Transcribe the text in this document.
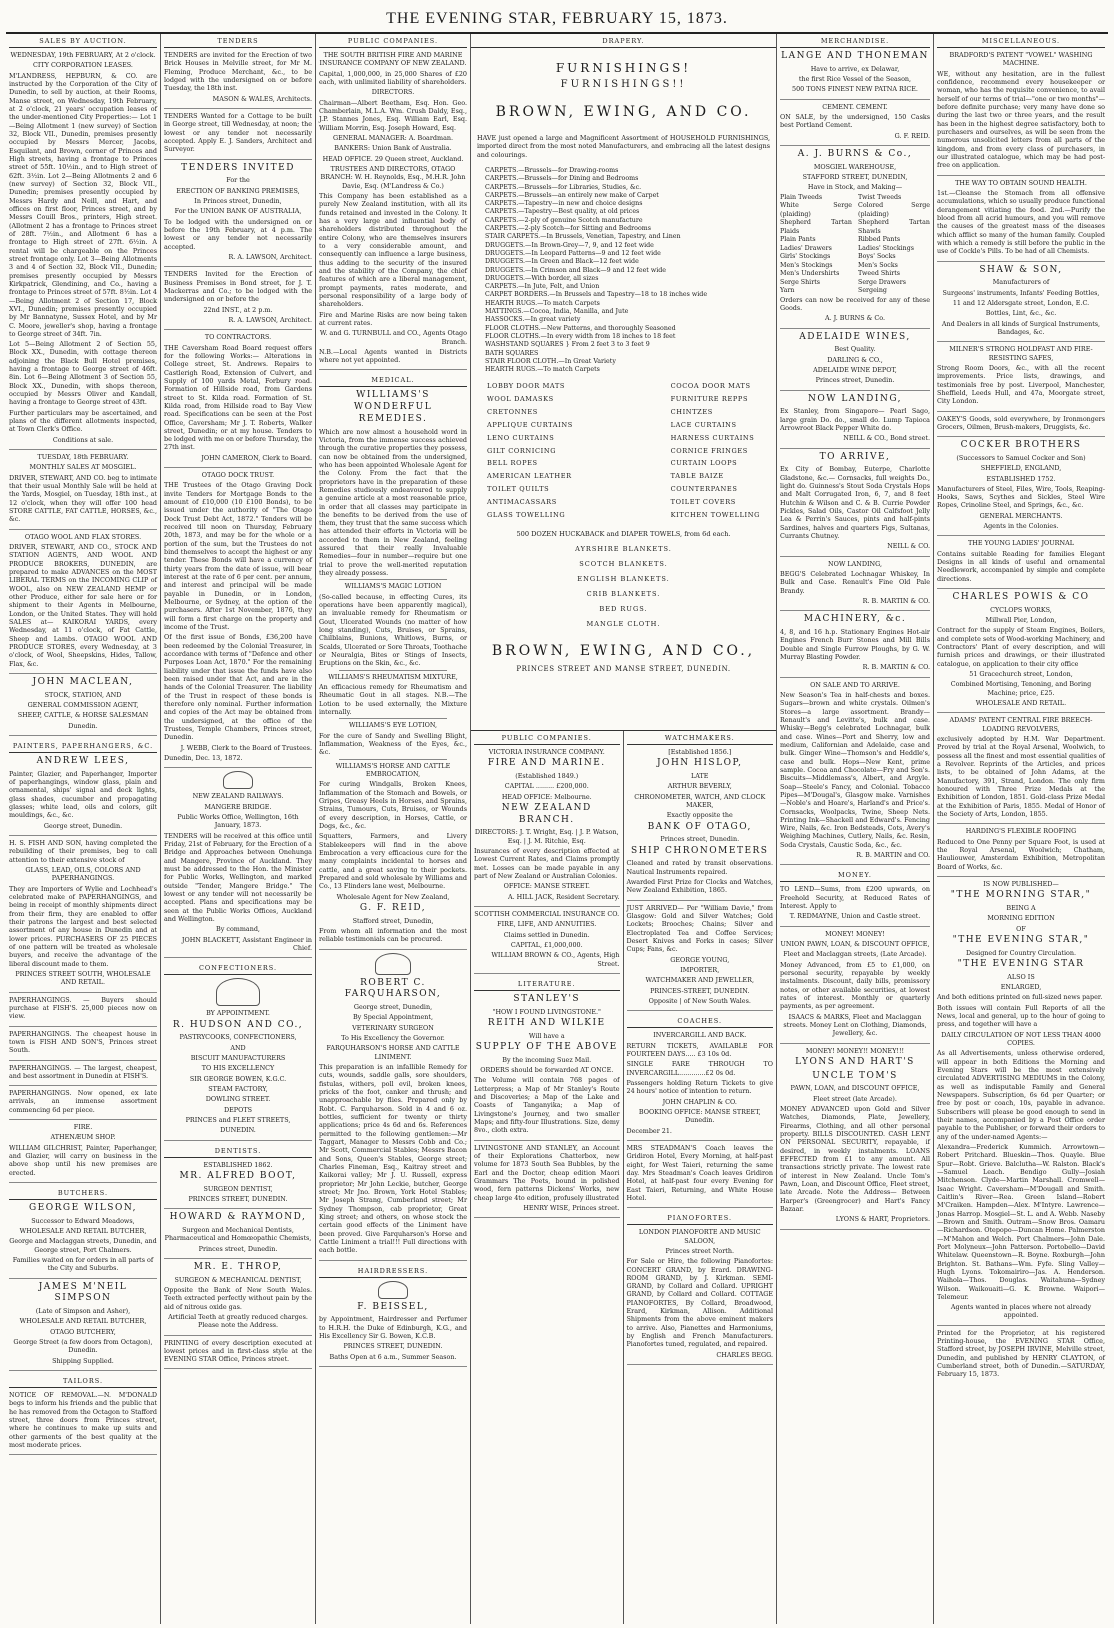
THE EVENING STAR, FEBRUARY 15, 1873.
SALES BY AUCTION.

WEDNESDAY, 19th FEBRUARY, At 2 o'clock.

CITY CORPORATION LEASES.

M'LANDRESS, HEPBURN, & CO. are instructed by the Corporation of the City of Dunedin, to sell by auction, at their Rooms, Manse street, on Wednesday, 19th February, at 2 o'clock, 21 years' occupation leases of the under-mentioned City Properties:— Lot 1—Being Allotment 1 (new survey) of Section 32, Block VII., Dunedin, premises presently occupied by Messrs Mercer, Jacobs, Esquilant, and Brown, corner of Princes and High streets, having a frontage to Princes street of 55ft. 10½in., and to High street of 62ft. 3½in. Lot 2—Being Allotments 2 and 6 (new survey) of Section 32, Block VII., Dunedin; premises presently occupied by Messrs Hardy and Neill, and Hart, and offices on first floor, Princes street, and by Messrs Couill Bros., printers, High street. (Allotment 2 has a frontage to Princes street of 28ft. 7½in., and Allotment 6 has a frontage to High street of 27ft. 6½in. A rental will be chargeable on the Princes street frontage only. Lot 3—Being Allotments 3 and 4 of Section 32, Block VII., Dunedin; premises presently occupied by Messrs Kirkpatrick, Glendining, and Co., having a frontage to Princes street of 57ft. 8½in. Lot 4—Being Allotment 2 of Section 17, Block XVI., Dunedin; premises presently occupied by Mr Bannatyne, Sussex Hotel, and by Mr C. Moore, jeweller's shop, having a frontage to George street of 34ft. 7in.

Lot 5—Being Allotment 2 of Section 55, Block XX., Dunedin, with cottage thereon adjoining the Black Bull Hotel premises, having a frontage to George street of 46ft. 8in. Lot 6—Being Allotment 3 of Section 55, Block XX., Dunedin, with shops thereon, occupied by Messrs Oliver and Kandall, having a frontage to George street of 43ft.

Further particulars may be ascertained, and plans of the different allotments inspected, at Town Clerk's Office.

Conditions at sale.

TUESDAY, 18th FEBRUARY.

MONTHLY SALES AT MOSGIEL.

DRIVER, STEWART, AND CO. beg to intimate that their usual Monthly Sale will be held at the Yards, Mosgiel, on Tuesday, 18th inst., at 12 o'clock, when they will offer 100 head STORE CATTLE, FAT CATTLE, HORSES, &c., &c.

OTAGO WOOL AND FLAX STORES.

DRIVER, STEWART, AND CO., STOCK AND STATION AGENTS, AND WOOL AND PRODUCE BROKERS, DUNEDIN, are prepared to make ADVANCES on the MOST LIBERAL TERMS on the INCOMING CLIP of WOOL, also on NEW ZEALAND HEMP or other Produce, either for sale here or for shipment to their Agents in Melbourne, London, or the United States. They will hold SALES at— KAIKORAI YARDS, every Wednesday, at 11 o'clock, of Fat Cattle, Sheep and Lambs. OTAGO WOOL AND PRODUCE STORES, every Wednesday, at 3 o'clock, of Wool, Sheepskins, Hides, Tallow, Flax, &c.

JOHN MACLEAN,

STOCK, STATION, AND

GENERAL COMMISSION AGENT,

SHEEP, CATTLE, & HORSE SALESMAN

Dunedin.

PAINTERS, PAPERHANGERS, &C.

ANDREW LEES,

Painter, Glazier, and Paperhanger, Importer of paperhangings, window glass, plain and ornamental, ships' signal and deck lights, glass shades, cucumber and propagating glasses; white lead, oils and colors, gilt mouldings, &c., &c.

George street, Dunedin.

H. S. FISH AND SON, having completed the rebuilding of their premises, beg to call attention to their extensive stock of

GLASS, LEAD, OILS, COLORS AND PAPERHANGINGS.

They are Importers of Wylie and Lochhead's celebrated make of PAPERHANGINGS, and being in receipt of monthly shipments direct from their firm, they are enabled to offer their patrons the largest and best selected assortment of any house in Dunedin and at lower prices. PURCHASERS OF 25 PIECES of one pattern will be treated as wholesale buyers, and receive the advantage of the liberal discount made to them.

PRINCES STREET SOUTH, WHOLESALE AND RETAIL.

PAPERHANGINGS. — Buyers should purchase at FISH'S. 25,000 pieces now on view.

PAPERHANGINGS. The cheapest house in town is FISH AND SON'S, Princes street South.

PAPERHANGINGS. — The largest, cheapest, and best assortment in Dunedin at FISH'S.

PAPERHANGINGS. Now opened, ex late arrivals, an immense assortment commencing 6d per piece.

FIRE.

ATHENÆUM SHOP.

WILLIAM GILCHRIST, Painter, Paperhanger, and Glazier, will carry on business in the above shop until his new premises are erected.

BUTCHERS.

GEORGE WILSON,

Successor to Edward Meadows,

WHOLESALE AND RETAIL BUTCHER,

George and Maclaggan streets, Dunedin, and George street, Port Chalmers.

Families waited on for orders in all parts of the City and Suburbs.

JAMES M'NEIL SIMPSON

(Late of Simpson and Asher),

WHOLESALE AND RETAIL BUTCHER,

OTAGO BUTCHERY,

George Street (a few doors from Octagon), Dunedin.

Shipping Supplied.

TAILORS.

NOTICE OF REMOVAL.—N. M'DONALD begs to inform his friends and the public that he has removed from the Octagon to Stafford street, three doors from Princes street, where he continues to make up suits and other garments of the best quality at the most moderate prices.

TENDERS

TENDERS are invited for the Erection of two Brick Houses in Melville street, for Mr M. Fleming, Produce Merchant, &c., to be lodged with the undersigned on or before Tuesday, the 18th inst.

MASON & WALES, Architects.

TENDERS Wanted for a Cottage to be built in George street, till Wednesday, at noon; the lowest or any tender not necessarily accepted. Apply E. J. Sanders, Architect and Surveyor.

TENDERS INVITED

For the

ERECTION OF BANKING PREMISES,

In Princes street, Dunedin,

For the UNION BANK OF AUSTRALIA,

To be lodged with the undersigned on or before the 19th February, at 4 p.m. The lowest or any tender not necessarily accepted.

R. A. LAWSON, Architect.

TENDERS Invited for the Erection of Business Premises in Bond street, for J. T. Mackerras and Co.; to be lodged with the undersigned on or before the

22nd INST., at 2 p.m.

R. A. LAWSON, Architect.

TO CONTRACTORS.

THE Caversham Road Board request offers for the following Works:— Alterations in College street, St. Andrews. Repairs to Castlerigh Road, Extension of Culvert, and Supply of 100 yards Metal, Forbury road. Formation of Hillside road, from Gardens street to St. Kilda road. Formation of St. Kilda road, from Hillside road to Bay View road. Specifications can be seen at the Post Office, Caversham; Mr J. T. Roberts, Walker street, Dunedin; or at my house. Tenders to be lodged with me on or before Thursday, the 27th inst.

JOHN CAMERON, Clerk to Board.

OTAGO DOCK TRUST.

THE Trustees of the Otago Graving Dock invite Tenders for Mortgage Bonds to the amount of £10,000 (10 £100 Bonds), to be issued under the authority of "The Otago Dock Trust Debt Act, 1872." Tenders will be received till noon on Thursday, February 20th, 1873, and may be for the whole or a portion of the sum, but the Trustees do not bind themselves to accept the highest or any tender. These Bonds will have a currency of thirty years from the date of issue, will bear interest at the rate of 6 per cent. per annum, and interest and principal will be made payable in Dunedin, or in London, Melbourne, or Sydney, at the option of the purchasers. After 1st November, 1876, they will form a first charge on the property and income of the Trust.

Of the first issue of Bonds, £36,200 have been redeemed by the Colonial Treasurer, in accordance with terms of "Defence and other Purposes Loan Act, 1870." For the remaining liability under that issue the funds have also been raised under that Act, and are in the hands of the Colonial Treasurer. The liability of the Trust in respect of these bonds is therefore only nominal. Further information and copies of the Act may be obtained from the undersigned, at the office of the Trustees, Temple Chambers, Princes street, Dunedin.

J. WEBB, Clerk to the Board of Trustees.

Dunedin, Dec. 13, 1872.

NEW ZEALAND RAILWAYS.

MANGERE BRIDGE.

Public Works Office, Wellington, 16th January, 1873.

TENDERS will be received at this office until Friday, 21st of February, for the Erection of a Bridge and Approaches between Onehunga and Mangere, Province of Auckland. They must be addressed to the Hon. the Minister for Public Works, Wellington, and marked outside "Tender, Mangere Bridge." The lowest or any tender will not necessarily be accepted. Plans and specifications may be seen at the Public Works Offices, Auckland and Wellington.

By command,

JOHN BLACKETT, Assistant Engineer in Chief.

CONFECTIONERS.

BY APPOINTMENT.

R. HUDSON AND CO.,

PASTRYCOOKS, CONFECTIONERS,

AND

BISCUIT MANUFACTURERS

TO HIS EXCELLENCY

SIR GEORGE BOWEN, K.G.C.

STEAM FACTORY,

DOWLING STREET.

DEPOTS

PRINCES and FLEET STREETS,

DUNEDIN.

DENTISTS.

ESTABLISHED 1862.

MR. ALFRED BOOT,

SURGEON DENTIST,

PRINCES STREET, DUNEDIN.

HOWARD & RAYMOND,

Surgeon and Mechanical Dentists, Pharmaceutical and Homœopathic Chemists,

Princes street, Dunedin.

MR. E. THROP,

SURGEON & MECHANICAL DENTIST,

Opposite the Bank of New South Wales. Teeth extracted perfectly without pain by the aid of nitrous oxide gas.

Artificial Teeth at greatly reduced charges. Please note the Address.

PRINTING of every description executed at lowest prices and in first-class style at the EVENING STAR Office, Princes street.

PUBLIC COMPANIES.

THE SOUTH BRITISH FIRE AND MARINE INSURANCE COMPANY OF NEW ZEALAND.

Capital, 1,000,000, in 25,000 Shares of £20 each, with unlimited liability of shareholders.

DIRECTORS.

Chairman—Albert Beetham, Esq. Hon. Geo. Chamberlain, M.L.A. Wm. Crush Daldy, Esq., J.P. Stannes Jones, Esq. William Earl, Esq. William Morrin, Esq. Joseph Howard, Esq.

GENERAL MANAGER: A. Boardman.

BANKERS: Union Bank of Australia.

HEAD OFFICE. 29 Queen street, Auckland.

TRUSTEES AND DIRECTORS, OTAGO BRANCH: W. H. Reynolds, Esq., M.H.R. John Davie, Esq. (M'Landress & Co.)

This Company has been established as a purely New Zealand institution, with all its funds retained and invested in the Colony. It has a very large and influential body of shareholders distributed throughout the entire Colony, who are themselves insurers to a very considerable amount, and consequently can influence a large business, thus adding to the security of the insured and the stability of the Company, the chief features of which are a liberal management, prompt payments, rates moderate, and personal responsibility of a large body of shareholders.

Fire and Marine Risks are now being taken at current rates.

W. and G. TURNBULL and CO., Agents Otago Branch.

N.B.—Local Agents wanted in Districts where not yet appointed.

MEDICAL.

WILLIAMS'S WONDERFUL REMEDIES.

Which are now almost a household word in Victoria, from the immense success achieved through the curative properties they possess, can now be obtained from the undersigned, who has been appointed Wholesale Agent for the Colony. From the fact that the proprietors have in the preparation of these Remedies studiously endeavoured to supply a genuine article at a most reasonable price, in order that all classes may participate in the benefits to be derived from the use of them, they trust that the same success which has attended their efforts in Victoria will be accorded to them in New Zealand, feeling assured that their really Invaluable Remedies—four in number—require but one trial to prove the well-merited reputation they already possess.

WILLIAMS'S MAGIC LOTION

(So-called because, in effecting Cures, its operations have been apparently magical), an invaluable remedy for Rheumatism or Gout, Ulcerated Wounds (no matter of how long standing), Cuts, Bruises, or Sprains, Chilblains, Bunions, Whitlows, Burns, or Scalds, Ulcerated or Sore Throats, Toothache or Neuralgia, Bites or Stings of Insects, Eruptions on the Skin, &c., &c.

WILLIAMS'S RHEUMATISM MIXTURE,

An efficacious remedy for Rheumatism and Rheumatic Gout in all stages. N.B.—The Lotion to be used externally, the Mixture internally.

WILLIAMS'S EYE LOTION,

For the cure of Sandy and Swelling Blight, Inflammation, Weakness of the Eyes, &c., &c.

WILLIAMS'S HORSE AND CATTLE EMBROCATION,

For curing Windgalls, Broken Knees, Inflammation of the Stomach and Bowels, or Gripes, Greasy Heels in Horses, and Sprains, Strains, Tumours, Cuts, Bruises, or Wounds of every description, in Horses, Cattle, or Dogs, &c., &c.

Squatters, Farmers, and Livery Stablekeepers will find in the above Embrocation a very efficacious cure for the many complaints incidental to horses and cattle, and a great saving to their pockets. Prepared and sold wholesale by Williams and Co., 13 Flinders lane west, Melbourne.

Wholesale Agent for New Zealand,

G. F. REID,

Stafford street, Dunedin,

From whom all information and the most reliable testimonials can be procured.

ROBERT C. FARQUHARSON,

George street, Dunedin,

By Special Appointment,

VETERINARY SURGEON

To His Excellency the Governor.

FARQUHARSON'S HORSE AND CATTLE LINIMENT.

This preparation is an infallible Remedy for cuts, wounds, saddle galls, sore shoulders, fistulas, withers, poll evil, broken knees, pricks of the foot, canker and thrush; and unapproachable by flies. Prepared only by Robt. C. Farquharson. Sold in 4 and 6 oz. bottles, sufficient for twenty or thirty applications; price 4s 6d and 6s. References permitted to the following gentlemen:—Mr Taggart, Manager to Messrs Cobb and Co.; Mr Scott, Commercial Stables; Messrs Bacon and Sons, Queen's Stables, George street; Charles Fineman, Esq., Kaitray street and Kaikorai valley; Mr J. U. Russell, express proprietor; Mr John Leckie, butcher, George street; Mr Jno. Brown, York Hotel Stables; Mr Joseph Strang, Cumberland street; Mr Sydney Thompson, cab proprietor, Great King street; and others, on whose stock the certain good effects of the Liniment have been proved. Give Farquharson's Horse and Cattle Liniment a trial!!! Full directions with each bottle.

HAIRDRESSERS.

F. BEISSEL,

by Appointment, Hairdresser and Perfumer to H.R.H. the Duke of Edinburgh, K.G., and His Excellency Sir G. Bowen, K.C.B.

PRINCES STREET, DUNEDIN.

Baths Open at 6 a.m., Summer Season.

DRAPERY.

FURNISHINGS!

FURNISHINGS!!

BROWN, EWING, AND CO.

HAVE just opened a large and Magnificent Assortment of HOUSEHOLD FURNISHINGS, imported direct from the most noted Manufacturers, and embracing all the latest designs and colourings.

CARPETS.—Brussels—for Drawing-rooms
CARPETS.—Brussels—for Dining and Bedrooms
CARPETS.—Brussels—for Libraries, Studies, &c.
CARPETS.—Brussels—an entirely new make of Carpet
CARPETS.—Tapestry—in new and choice designs
CARPETS.—Tapestry—Best quality, at old prices
CARPETS.—2-ply of genuine Scotch manufacture
CARPETS.—2-ply Scotch—for Sitting and Bedrooms
STAIR CARPETS.—In Brussels, Venetian, Tapestry, and Linen
DRUGGETS.—In Brown-Grey—7, 9, and 12 feet wide
DRUGGETS.—In Leopard Patterns—9 and 12 feet wide
DRUGGETS.—In Green and Black—12 feet wide
DRUGGETS.—In Crimson and Black—9 and 12 feet wide
DRUGGETS.—With border, all sizes
CARPETS.—In Jute, Felt, and Union
CARPET BORDERS.—In Brussels and Tapestry—18 to 18 inches wide
HEARTH RUGS.—To match Carpets
MATTINGS.—Cocoa, India, Manilla, and Jute
HASSOCKS.—In great variety
FLOOR CLOTHS.—New Patterns, and thoroughly Seasoned
FLOOR CLOTHS.—In every width from 18 inches to 18 feet
WASHSTAND SQUARES } From 2 feet 3 to 3 feet 9
BATH SQUARES
STAIR FLOOR CLOTH.—In Great Variety
HEARTH RUGS.—To match Carpets
LOBBY DOOR MATS
WOOL DAMASKS
CRETONNES
APPLIQUE CURTAINS
LENO CURTAINS
GILT CORNICING
BELL ROPES
AMERICAN LEATHER
TOILET QUILTS
ANTIMACASSARS
GLASS TOWELLING
COCOA DOOR MATS
FURNITURE REPPS
CHINTZES
LACE CURTAINS
HARNESS CURTAINS
CORNICE FRINGES
CURTAIN LOOPS
TABLE BAIZE
COUNTERPANES
TOILET COVERS
KITCHEN TOWELLING

500 DOZEN HUCKABACK and DIAPER TOWELS, from 6d each.

AYRSHIRE BLANKETS.
SCOTCH BLANKETS.
ENGLISH BLANKETS.
CRIB BLANKETS.
BED RUGS.
MANGLE CLOTH.

BROWN, EWING, AND CO.,

PRINCES STREET AND MANSE STREET, DUNEDIN.

PUBLIC COMPANIES.

VICTORIA INSURANCE COMPANY.

FIRE AND MARINE.

(Established 1849.)

CAPITAL ......... £200,000.

HEAD OFFICE: Melbourne.

NEW ZEALAND BRANCH.

DIRECTORS: J. T. Wright, Esq. | J. P. Watson, Esq. | J. M. Ritchie, Esq.

Insurances of every description effected at Lowest Current Rates, and Claims promptly met. Losses can be made payable in any part of New Zealand or Australian Colonies.

OFFICE: MANSE STREET.

A. HILL JACK, Resident Secretary.

SCOTTISH COMMERCIAL INSURANCE CO.

FIRE, LIFE, AND ANNUITIES.

Claims settled in Dunedin.

CAPITAL, £1,000,000.

WILLIAM BROWN & CO., Agents, High Street.

LITERATURE.

STANLEY'S

"HOW I FOUND LIVINGSTONE."

REITH AND WILKIE

Will have a

SUPPLY OF THE ABOVE

By the incoming Suez Mail.

ORDERS should be forwarded AT ONCE.

The Volume will contain 768 pages of Letterpress; a Map of Mr Stanley's Route and Discoveries; a Map of the Lake and Coasts of Tanganyika; a Map of Livingstone's Journey, and two smaller Maps; and fifty-four Illustrations. Size, demy 8vo., cloth extra.

LIVINGSTONE AND STANLEY, an Account of their Explorations Chatterbox, new volume for 1873 South Sea Bubbles, by the Earl and the Doctor, cheap edition Maori Grammars The Poets, bound in polished wood, fern patterns Dickens' Works, new cheap large 4to edition, profusely illustrated

HENRY WISE, Princes street.

WATCHMAKERS.

[Established 1856.]

JOHN HISLOP,

LATE

ARTHUR BEVERLY,

CHRONOMETER, WATCH, AND CLOCK MAKER,

Exactly opposite the

BANK OF OTAGO,

Princes street, Dunedin.

SHIP CHRONOMETERS

Cleaned and rated by transit observations. Nautical Instruments repaired.

Awarded First Prize for Clocks and Watches, New Zealand Exhibition, 1865.

JUST ARRIVED— Per "William Davie," from Glasgow: Gold and Silver Watches; Gold Lockets; Brooches; Chains; Silver and Electroplated Tea and Coffee Services; Desert Knives and Forks in cases; Silver Cups; Fans, &c.

GEORGE YOUNG,

IMPORTER,

WATCHMAKER AND JEWELLER,

PRINCES-STREET, DUNEDIN.

Opposite | of New South Wales.

COACHES.

INVERCARGILL AND BACK.

RETURN TICKETS, AVAILABLE FOR FOURTEEN DAYS..... £3 10s 0d.

SINGLE FARE THROUGH TO INVERCARGILL.............£2 0s 0d.

Passengers holding Return Tickets to give 24 hours' notice of intention to return.

JOHN CHAPLIN & CO.

BOOKING OFFICE: MANSE STREET, Dunedin.

December 21.

MRS STEADMAN'S Coach leaves the Gridiron Hotel, Every Morning, at half-past eight, for West Taieri, returning the same day. Mrs Steadman's Coach leaves Gridiron Hotel, at half-past four every Evening for East Taieri, Returning, and White House Hotel.

PIANOFORTES.

LONDON PIANOFORTE AND MUSIC SALOON,

Princes street North.

For Sale or Hire, the following Pianofortes: CONCERT GRAND, by Erard. DRAWING-ROOM GRAND, by J. Kirkman. SEMI-GRAND, by Collard and Collard. UPRIGHT GRAND, by Collard and Collard. COTTAGE PIANOFORTES, By Collard, Broadwood, Erard, Kirkman, Allison. Additional Shipments from the above eminent makers to arrive. Also, Pianettes and Harmoniums, by English and French Manufacturers. Pianofortes tuned, regulated, and repaired.

CHARLES BEGG.

MERCHANDISE.

LANGE AND THONEMAN

Have to arrive, ex Delawar,

the first Rice Vessel of the Season,

500 TONS FINEST NEW PATNA RICE.

CEMENT. CEMENT.

ON SALE, by the undersigned, 150 Casks best Portland Cement.

G. F. REID.

A. J. BURNS & Co.,

MOSGIEL WAREHOUSE,

STAFFORD STREET, DUNEDIN,

Have in Stock, and Making—

Plain Tweeds
White Serge (plaiding)
Shepherd Tartan Plaids
Plain Pants
Ladies' Drawers
Girls' Stockings
Men's Stockings
Men's Undershirts
Serge Shirts
Yarn
Twist Tweeds
Colored Serge (plaiding)
Shepherd Tartan Shawls
Ribbed Pants
Ladies' Stockings
Boys' Socks
Men's Socks
Tweed Shirts
Serge Drawers
Sergeing

Orders can now be received for any of these Goods.

A. J. BURNS & Co.

ADELAIDE WINES,

Best Quality.

DARLING & CO.,

ADELAIDE WINE DEPOT,

Princes street, Dunedin.

NOW LANDING,

Ex Stanley, from Singapore— Pearl Sago, large grain Do. do., small do. Lump Tapioca Arrowroot Black Pepper White do.

NEILL & CO., Bond street.

TO ARRIVE,

Ex City of Bombay, Euterpe, Charlotte Gladstone, &c.— Cornsacks, full weights Do., light do. Guinness's Stout Soda Crystals Hops and Malt Corrugated Iron, 6, 7, and 8 feet Hutchin & Wilson and C. & B. Currie Powder Pickles, Salad Oils, Castor Oil Calfsfoot Jelly Lea & Perrin's Sauces, pints and half-pints Sardines, halves and quarters Figs, Sultanas, Currants Chutney.

NEILL & CO.

NOW LANDING,

BEGG'S Celebrated Lochnagar Whiskey, In Bulk and Case. Renault's Fine Old Pale Brandy.

R. B. MARTIN & CO.

MACHINERY, &c.

4, 8, and 16 h.p. Stationary Engines Hot-air Engines French Burr Stones and Mill Bills Double and Single Furrow Ploughs, by G. W. Murray Blasting Powder.

R. B. MARTIN & CO.

ON SALE AND TO ARRIVE.

New Season's Tea in half-chests and boxes. Sugars—brown and white crystals. Oilmen's Stores—a large assortment. Brandy—Renault's and Levitte's, bulk and case. Whisky—Begg's celebrated Lochnagar, bulk and case. Wines—Port and Sherry, low and medium, Californian and Adelaide, case and bulk. Ginger Wine—Thomson's and Heddle's, case and bulk. Hops—New Kent, prime sample. Cocoa and Chocolate—Fry and Son's. Biscuits—Middlemass's, Albert, and Argyle. Soap—Steele's Fancy, and Colonial. Tobacco Pipes—M'Dougal's, Glasgow make. Varnishes—Noble's and Hoare's, Harland's and Price's. Cornsacks, Woolpacks, Twine, Sheep Nets. Printing Ink—Shackell and Edward's. Fencing Wire, Nails, &c. Iron Bedsteads, Cots, Avery's Weighing Machines, Cutlery, Nails, &c. Resin, Soda Crystals, Caustic Soda, &c., &c.

R. B. MARTIN and CO.

MONEY.

TO LEND—Sums, from £200 upwards, on Freehold Security, at Reduced Rates of Interest. Apply to

T. REDMAYNE, Union and Castle street.

MONEY! MONEY!

UNION PAWN, LOAN, & DISCOUNT OFFICE,

Fleet and Maclaggan streets, (Late Arcade).

Money Advanced, from £5 to £1,000, on personal security, repayable by weekly instalments. Discount, daily bills, promissory notes, or other available securities, at lowest rates of interest. Monthly or quarterly payments, as per agreement.

ISAACS & MARKS, Fleet and Maclaggan streets. Money Lent on Clothing, Diamonds, Jewellery, &c.

MONEY! MONEY!! MONEY!!!

LYONS AND HART'S

UNCLE TOM'S

PAWN, LOAN, and DISCOUNT OFFICE,

Fleet street (late Arcade).

MONEY ADVANCED upon Gold and Silver Watches, Diamonds, Plate, Jewellery, Firearms, Clothing, and all other personal property. BILLS DISCOUNTED. CASH LENT ON PERSONAL SECURITY, repayable, if desired, in weekly instalments. LOANS EFFECTED from £1 to any amount. All transactions strictly private. The lowest rate of interest in New Zealand. Uncle Tom's Pawn, Loan, and Discount Office, Fleet street, late Arcade. Note the Address— Between Harper's (Greengrocer) and Hart's Fancy Bazaar.

LYONS & HART, Proprietors.

MISCELLANEOUS.

BRADFORD'S PATENT "VOWEL" WASHING MACHINE.

WE, without any hesitation, are in the fullest confidence, recommend every housekeeper or woman, who has the requisite convenience, to avail herself of our terms of trial—"one or two months"—before definite purchase; very many have done so during the last two or three years, and the result has been in the highest degree satisfactory, both to purchasers and ourselves, as will be seen from the numerous unsolicited letters from all parts of the kingdom, and from every class of purchasers, in our illustrated catalogue, which may be had post-free on application.

THE WAY TO OBTAIN SOUND HEALTH.

1st.—Cleanse the Stomach from all offensive accumulations, which so usually produce functional derangement vitiating the food. 2nd.—Purify the blood from all acrid humours, and you will remove the causes of the greatest mass of the diseases which afflict so many of the human family. Coupled with which a remedy is still before the public in the use of Cockle's Pills. To be had of all Chemists.

SHAW & SON,

Manufacturers of

Surgeons' instruments, Infants' Feeding Bottles,

11 and 12 Aldersgate street, London, E.C.

Bottles, Lint, &c., &c.

And Dealers in all kinds of Surgical Instruments, Bandages, &c.

MILNER'S STRONG HOLDFAST AND FIRE-RESISTING SAFES,

Strong Room Doors, &c., with all the recent improvements. Price lists, drawings, and testimonials free by post. Liverpool, Manchester, Sheffield, Leeds Hull, and 47a, Moorgate street, City London.

OAKEY'S Goods, sold everywhere, by Ironmongers Grocers, Oilmen, Brush-makers, Druggists, &c.

COCKER BROTHERS

(Successors to Samuel Cocker and Son)

SHEFFIELD, ENGLAND,

ESTABLISHED 1752.

Manufacturers of Steel, Files, Wire, Tools, Reaping-Hooks, Saws, Scythes and Sickles, Steel Wire Ropes, Crinoline Steel, and Springs, &c., &c.

GENERAL MERCHANTS.

Agents in the Colonies.

THE YOUNG LADIES' JOURNAL

Contains suitable Reading for families Elegant Designs in all kinds of useful and ornamental Needlework, accompanied by simple and complete directions.

CHARLES POWIS & CO

CYCLOPS WORKS,

Millwall Pier, London,

Contract for the supply of Steam Engines, Boilers, and complete sets of Wood-working Machinery, and Contractors' Plant of every description, and will furnish prices and drawings, or their illustrated catalogue, on application to their city office

51 Gracechurch street, London,

Combined Mortising, Tenoning, and Boring Machine; price, £25.

WHOLESALE AND RETAIL.

ADAMS' PATENT CENTRAL FIRE BREECH-LOADING REVOLVERS,

exclusively adopted by H.M. War Department. Proved by trial at the Royal Arsenal, Woolwich, to possess all the finest and most essential qualities of a Revolver. Reprints of the Articles, and prices lists, to be obtained of John Adams, at the Manufactory, 391, Strand, London. The only firm honoured with Three Prize Medals at the Exhibition of London, 1851. Gold-class Prize Medal at the Exhibition of Paris, 1855. Medal of Honor of the Society of Arts, London, 1855.

HARDING'S FLEXIBLE ROOFING

Reduced to One Penny per Square Foot, is used at the Royal Arsenal, Woolwich; Chatham, Hauliouwer, Amsterdam Exhibition, Metropolitan Board of Works, &c.

IS NOW PUBLISHED—

"THE MORNING STAR,"

BEING A

MORNING EDITION

OF

"THE EVENING STAR,"

Designed for Country Circulation.

"THE EVENING STAR

ALSO IS

ENLARGED,

And both editions printed on full-sized news paper.

Both issues will contain Full Reports of all the News, local and general, up to the hour of going to press, and together will have a

DAILY CIRCULATION OF NOT LESS THAN 4000 COPIES.

As all Advertisements, unless otherwise ordered, will appear in both Editions the Morning and Evening Stars will be the most extensively circulated ADVERTISING MEDIUMS in the Colony, as well as indisputable Family and General Newspapers. Subscription, 6s 6d per Quarter; or free by post or coach, 10s, payable in advance. Subscribers will please be good enough to send in their names, accompanied by a Post Office order payable to the Publisher, or forward their orders to any of the under-named Agents:—

Alexandra—Frederick Kummich. Arrowtown—Robert Pritchard. Blueskin—Thos. Quayle. Blue Spur—Robt. Grieve. Balclutha—W. Ralston. Black's—Samuel Leach. Bendigo Gully—Josiah Mitchenson. Clyde—Martin Marshall. Cromwell—Isaac Wright. Caversham—M'Dougall and Smith. Caitlin's River—Rea. Green Island—Robert M'Craiken. Hampden—Alex. M'Intyre. Lawrence—Jonas Harrop. Mosgiel—St. L. and A. Webb. Naseby—Brown and Smith. Outram—Snow Bros. Oamaru—Richardson. Otepopo—Duncan Home. Palmerston—M'Mahon and Welch. Port Chalmers—John Dale. Port Molyneux—John Patterson. Portobello—David Whitelaw. Queenstown—R. Boyne. Roxburgh—John Brighton. St. Bathans—Wm. Fyfe. Sling Valley—Hugh Lyons. Tokomairiro—Jas. A. Henderson. Waihola—Thos. Douglas. Waitahuna—Sydney Wilson. Waikouaiti—G. K. Browne. Waipori—Telemeur.

Agents wanted in places where not already appointed.

Printed for the Proprietor, at his registered Printing-house, the EVENING STAR Office, Stafford street, by JOSEPH IRVINE, Melville street, Dunedin, and published by HENRY CLAYTON, of Cumberland street, both of Dunedin.—SATURDAY, February 15, 1873.
